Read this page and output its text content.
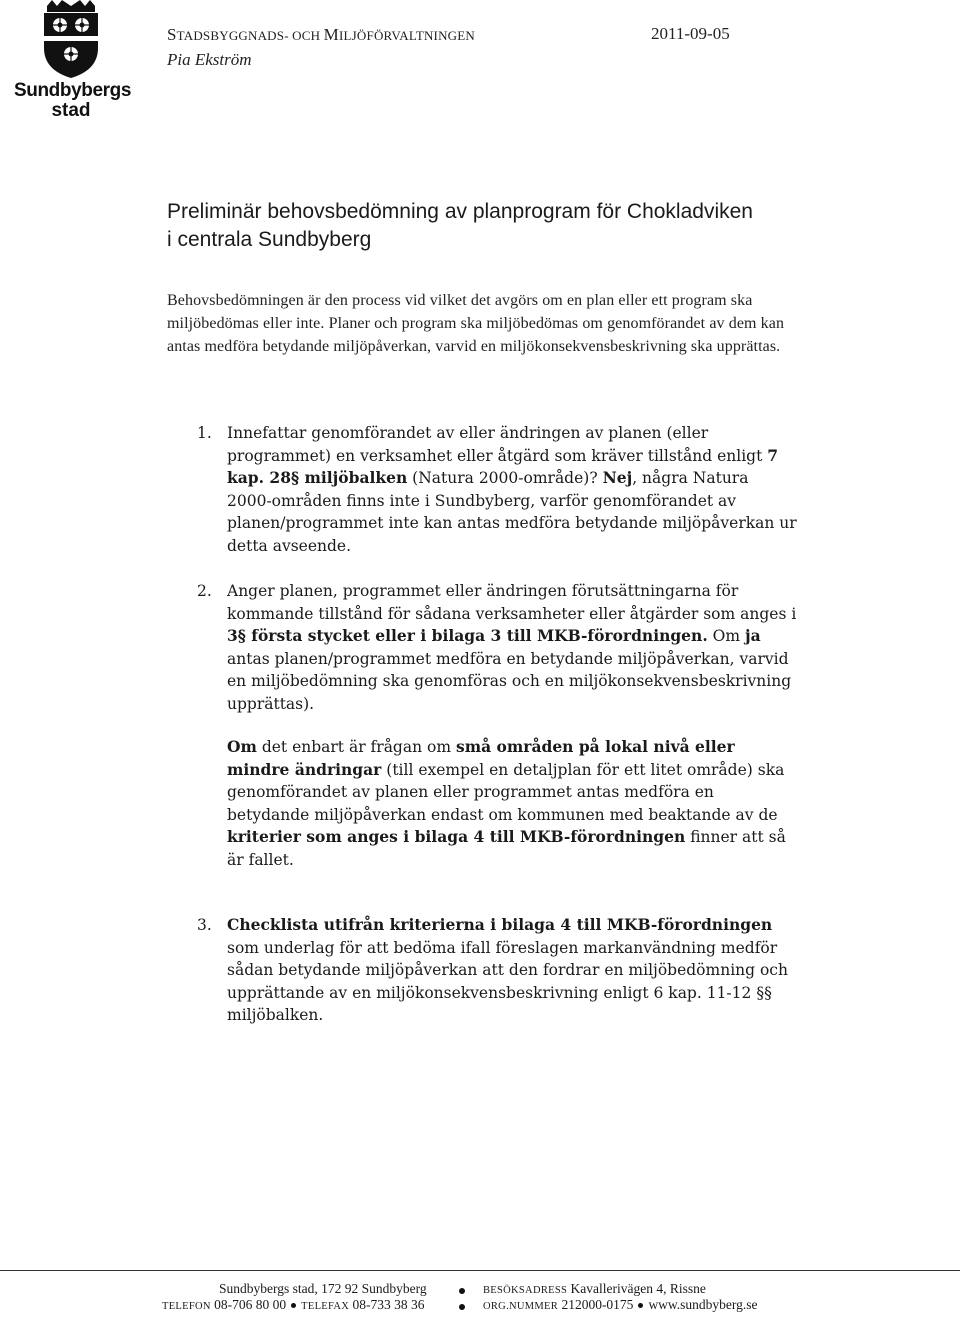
Sundbybergs
stad
STADSBYGGNADS- OCH MILJÖFÖRVALTNINGEN	2011-09-05
Pia Ekström
Preliminär behovsbedömning av planprogram för Chokladviken
i centrala Sundbyberg
Behovsbedömningen är den process vid vilket det avgörs om en plan eller ett program ska miljöbedömas eller inte. Planer och program ska miljöbedömas om genomförandet av dem kan antas medföra betydande miljöpåverkan, varvid en miljökonsekvensbeskrivning ska upprättas.
1. Innefattar genomförandet av eller ändringen av planen (eller programmet) en verksamhet eller åtgärd som kräver tillstånd enligt 7 kap. 28§ miljöbalken (Natura 2000-område)? Nej, några Natura 2000-områden finns inte i Sundbyberg, varför genomförandet av planen/programmet inte kan antas medföra betydande miljöpåverkan ur detta avseende.
2. Anger planen, programmet eller ändringen förutsättningarna för kommande tillstånd för sådana verksamheter eller åtgärder som anges i 3§ första stycket eller i bilaga 3 till MKB-förordningen. Om ja antas planen/programmet medföra en betydande miljöpåverkan, varvid en miljöbedömning ska genomföras och en miljökonsekvensbeskrivning upprättas).
Om det enbart är frågan om små områden på lokal nivå eller mindre ändringar (till exempel en detaljplan för ett litet område) ska genomförandet av planen eller programmet antas medföra en betydande miljöpåverkan endast om kommunen med beaktande av de kriterier som anges i bilaga 4 till MKB-förordningen finner att så är fallet.
3. Checklista utifrån kriterierna i bilaga 4 till MKB-förordningen som underlag för att bedöma ifall föreslagen markanvändning medför sådan betydande miljöpåverkan att den fordrar en miljöbedömning och upprättande av en miljökonsekvensbeskrivning enligt 6 kap. 11-12 §§ miljöbalken.
Sundbybergs stad, 172 92 Sundbyberg
TELEFON 08-706 80 00 TELEFAX 08-733 38 36
BESÖKSADRESS Kavallerivägen 4, Rissne
ORG.NUMMER 212000-0175 www.sundbyberg.se
